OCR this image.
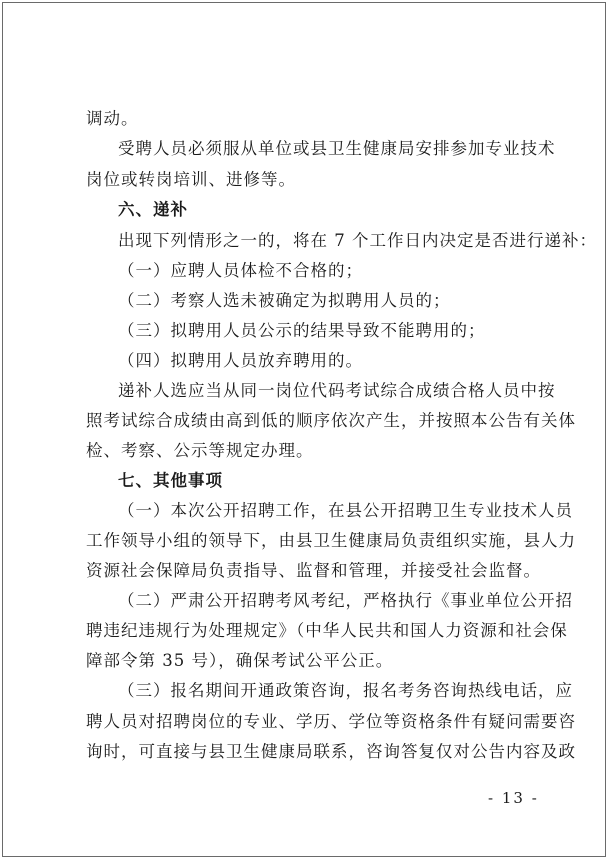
调动。
受聘人员必须服从单位或县卫生健康局安排参加专业技术
岗位或转岗培训、进修等。
六、递补
出现下列情形之一的，将在 7 个工作日内决定是否进行递补：
（一）应聘人员体检不合格的；
（二）考察人选未被确定为拟聘用人员的；
（三）拟聘用人员公示的结果导致不能聘用的；
（四）拟聘用人员放弃聘用的。
递补人选应当从同一岗位代码考试综合成绩合格人员中按
照考试综合成绩由高到低的顺序依次产生，并按照本公告有关体
检、考察、公示等规定办理。
七、其他事项
（一）本次公开招聘工作，在县公开招聘卫生专业技术人员
工作领导小组的领导下，由县卫生健康局负责组织实施，县人力
资源社会保障局负责指导、监督和管理，并接受社会监督。
（二）严肃公开招聘考风考纪，严格执行《事业单位公开招
聘违纪违规行为处理规定》（中华人民共和国人力资源和社会保
障部令第 35 号），确保考试公平公正。
（三）报名期间开通政策咨询，报名考务咨询热线电话，应
聘人员对招聘岗位的专业、学历、学位等资格条件有疑问需要咨
询时，可直接与县卫生健康局联系，咨询答复仅对公告内容及政
- 13 -
